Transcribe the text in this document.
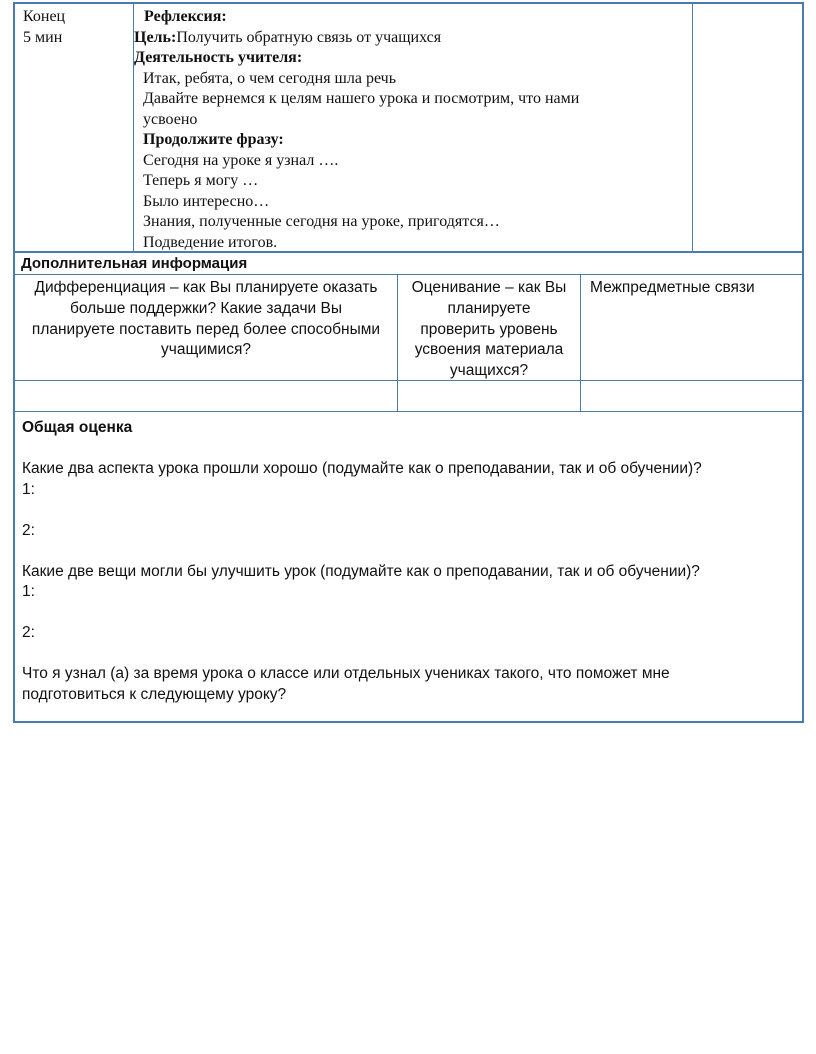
Конец
5 мин
Рефлексия:
Цель:Получить обратную связь от учащихся
Деятельность учителя:
Итак, ребята, о чем сегодня шла речь
Давайте вернемся к целям нашего урока и посмотрим, что нами
усвоено
Продолжите фразу:
Сегодня на уроке я узнал ….
Теперь я могу …
Было интересно…
Знания, полученные сегодня на уроке, пригодятся…
Подведение итогов.
Дополнительная информация
Дифференциация – как Вы планируете оказать
больше поддержки? Какие задачи Вы
планируете поставить перед более способными
учащимися?
Оценивание – как Вы
планируете
проверить уровень
усвоения материала
учащихся?
Межпредметные связи
Общая оценка

Какие два аспекта урока прошли хорошо (подумайте как о преподавании, так и об обучении)?
1:

2:

Какие две вещи могли бы улучшить урок (подумайте как о преподавании, так и об обучении)?
1:

2:

Что я узнал (а) за время урока о классе или отдельных учениках такого, что поможет мне
подготовиться к следующему уроку?
